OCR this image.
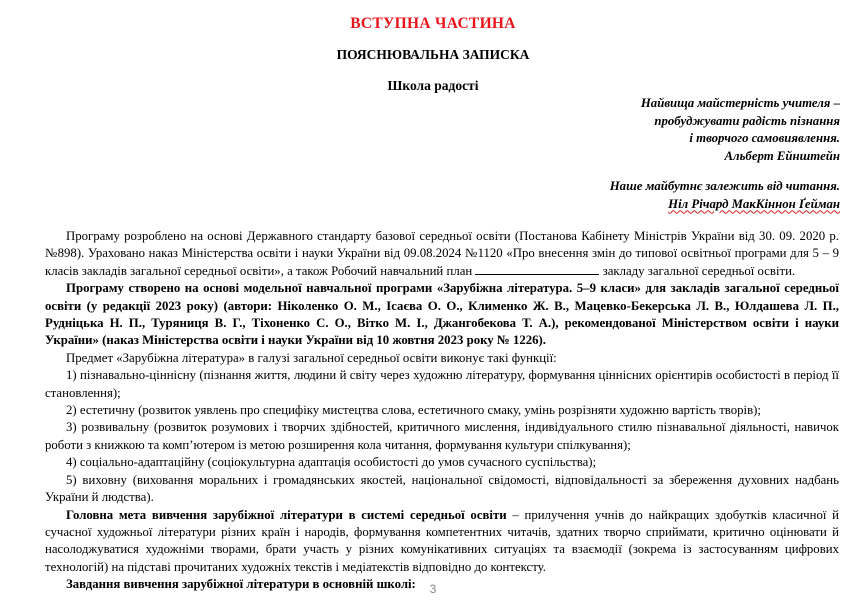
ВСТУПНА ЧАСТИНА
ПОЯСНЮВАЛЬНА ЗАПИСКА
Школа радості
Найвища майстерність учителя –
пробуджувати радість пізнання
і творчого самовиявлення.
Альберт Ейнштейн
Наше майбутнє залежить від читання.
Ніл Річард МакКіннон Ґейман

Програму розроблено на основі Державного стандарту базової середньої освіти (Постанова Кабінету Міністрів України від 30. 09. 2020 р. №898). Ураховано наказ Міністерства освіти і науки України від 09.08.2024 №1120 «Про внесення змін до типової освітньої програми для 5 – 9 класів закладів загальної середньої освіти», а також Робочий навчальний план	закладу загальної середньої освіти.

Програму створено на основі модельної навчальної програми «Зарубіжна література. 5–9 класи» для закладів загальної середньої освіти (у редакції 2023 року) (автори: Ніколенко О. М., Ісаєва О. О., Клименко Ж. В., Мацевко-Бекерська Л. В., Юлдашева Л. П., Рудніцька Н. П., Туряниця В. Г., Тіхоненко С. О., Вітко М. І., Джангобекова Т. А.), рекомендованої Міністерством освіти і науки України» (наказ Міністерства освіти і науки України від 10 жовтня 2023 року № 1226).

Предмет «Зарубіжна література» в галузі загальної середньої освіти виконує такі функції:

1) пізнавально-ціннісну (пізнання життя, людини й світу через художню літературу, формування ціннісних орієнтирів особистості в період її становлення);

2) естетичну (розвиток уявлень про специфіку мистецтва слова, естетичного смаку, умінь розрізняти художню вартість творів);

3) розвивальну (розвиток розумових і творчих здібностей, критичного мислення, індивідуального стилю пізнавальної діяльності, навичок роботи з книжкою та комп’ютером із метою розширення кола читання, формування культури спілкування);

4) соціально-адаптаційну (соціокультурна адаптація особистості до умов сучасного суспільства);

5) виховну (виховання моральних і громадянських якостей, національної свідомості, відповідальності за збереження духовних надбань України й людства).

Головна мета вивчення зарубіжної літератури в системі середньої освіти – прилучення учнів до найкращих здобутків класичної й сучасної художньої літератури різних країн і народів, формування компетентних читачів, здатних творчо сприймати, критично оцінювати й насолоджуватися художніми творами, брати участь у різних комунікативних ситуаціях та взаємодії (зокрема із застосуванням цифрових технологій) на підставі прочитаних художніх текстів і медіатекстів відповідно до контексту.

Завдання вивчення зарубіжної літератури в основній школі:	3
